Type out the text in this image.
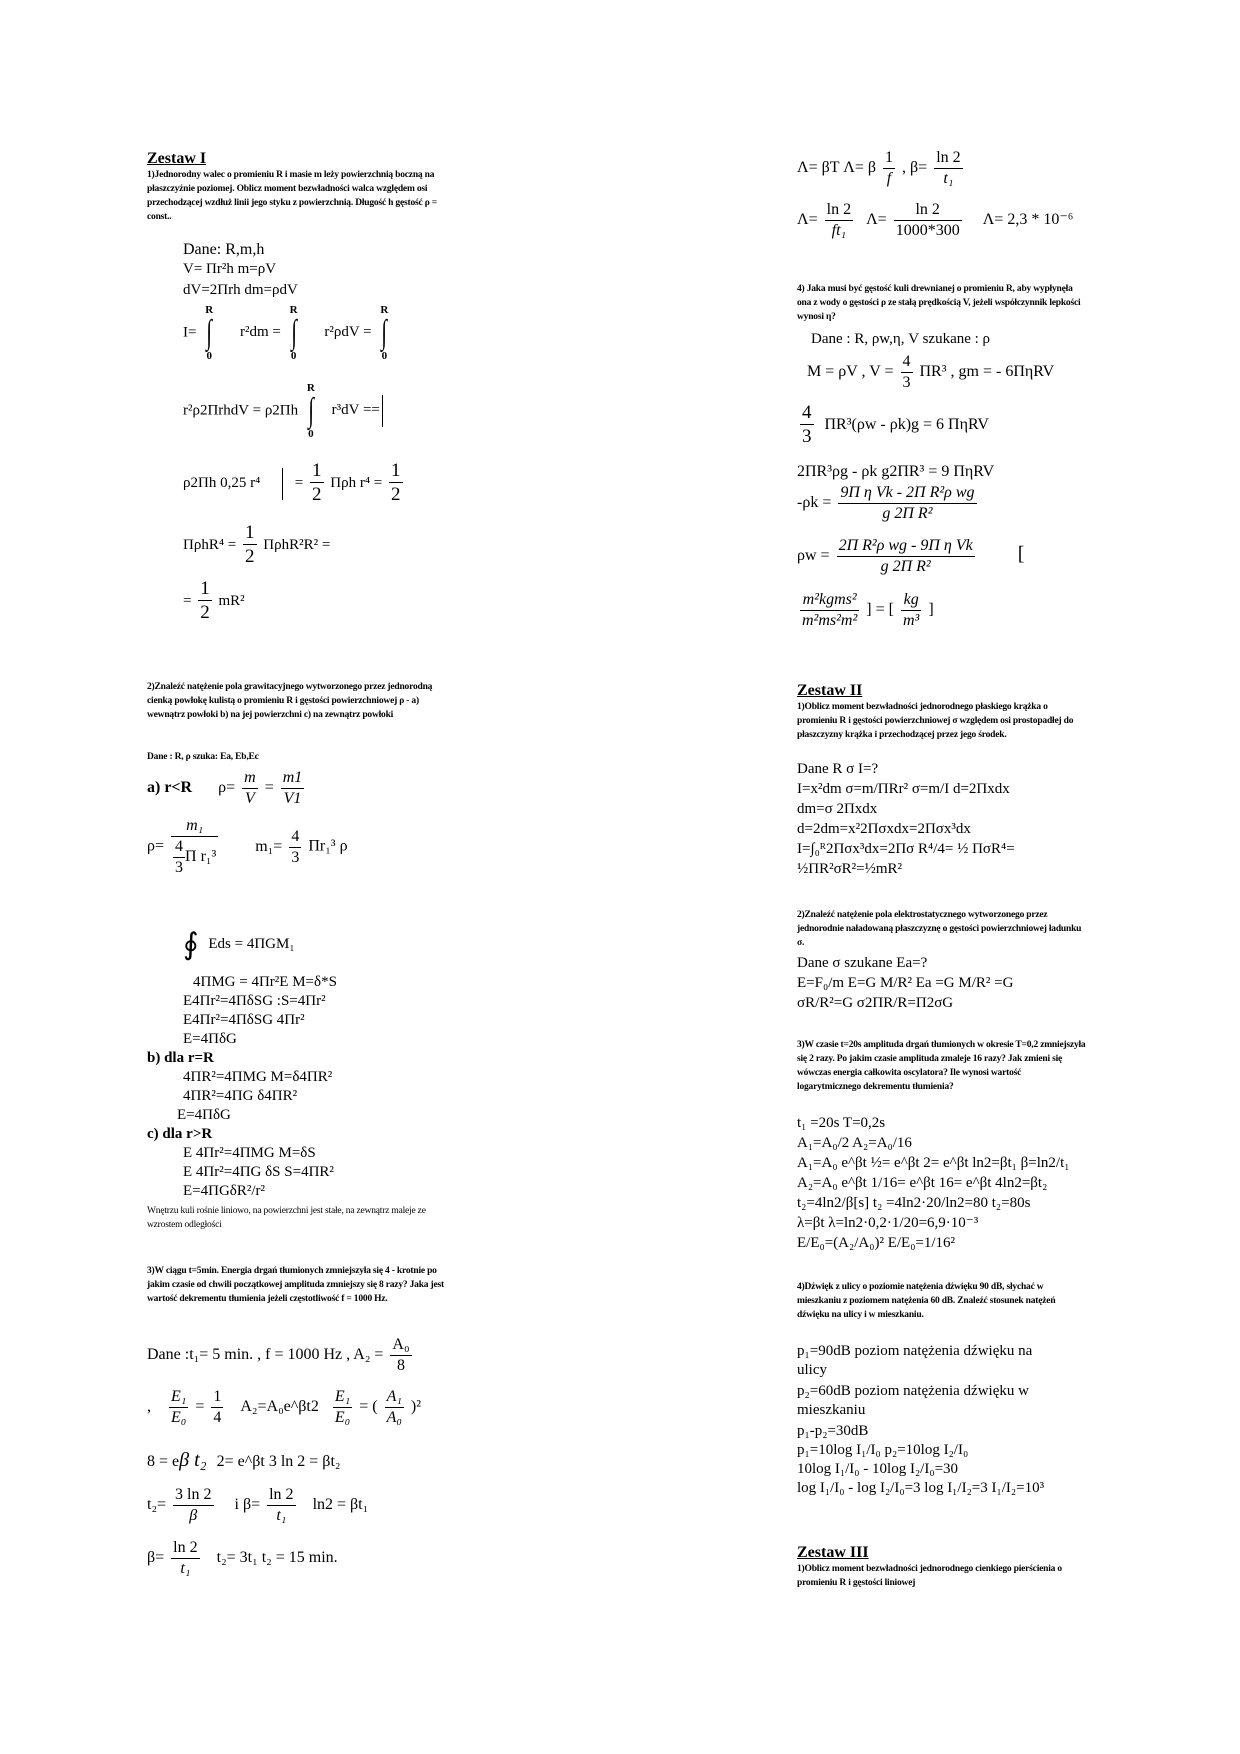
Zestaw I
1)Jednorodny walec o promieniu R i masie m leży powierzchnią boczną na płaszczyźnie poziomej. Oblicz moment bezwładności walca względem osi przechodzącej wzdłuż linii jego styku z powierzchnią. Długość h gęstość ρ = const..
Dane: R,m,h
V= Πr²h m=ρV
dV=2Πrh dm=ρdV
I=
R
∫
0
r²dm =
R
∫
0
r²ρdV =
R
∫
0
r²ρ2ΠrhdV = ρ2Πh
R
∫
0
r³dV ==
ρ2Πh 0,25 $r^4 = \frac{1}{2}$ Πρh $r^4 = \frac{1}{2}$
$\Pi\rho hR^4 = \frac{1}{2} \Pi\rho hR^2R^2$ =
= $\frac{1}{2} mR^2$
2)Znaleźć natężenie pola grawitacyjnego wytworzonego przez jednorodną cienką powłokę kulistą o promieniu R i gęstości powierzchniowej ρ - a) wewnątrz powłoki b) na jej powierzchni c) na zewnątrz powłoki
Dane : R, ρ szuka: Ea, Eb,Ec
a) r<R $\rho= \frac{m}{V} = \frac{m1}{V1}$
$\rho= \frac{\text{m₁}}{\frac{4}{3} \Pi r_1^3} m_1= \frac{4}{3} \Pi r_1^3$ ρ
∮ Eds = 4ΠGM₁
4ΠMG = 4Πr²E M=δ*S
E4Πr²=4ΠδSG :S=4Πr²
E4Πr²=4ΠδSG 4Πr²
E=4ΠδG
b) dla r=R
4ΠR²=4ΠMG M=δ4ΠR²
4ΠR²=4ΠG δ4ΠR²
E=4ΠδG
c) dla r>R
E 4Πr²=4ΠMG M=δS
E 4Πr²=4ΠG δS S=4ΠR²
E=4ΠGδR²/r²
Wnętrzu kuli rośnie liniowo, na powierzchni jest stałe, na zewnątrz maleje ze wzrostem odległości
3)W ciągu t=5min. Energia drgań tłumionych zmniejszyła się 4 - krotnie po jakim czasie od chwili początkowej amplituda zmniejszy się 8 razy? Jaka jest wartość dekrementu tłumienia jeżeli częstotliwość f = 1000 Hz.
Dane :t₁= 5 min. , f = 1000 Hz , $A_2 = \frac{\text{A₀}}{8}$
, $\frac{\text{E₁}}{\text{E₀}} = \frac{1}{4}$ A₂=A₀e^βt2 $\frac{\text{E₁}}{\text{E₀}}$ = ( $\frac{\text{A₁}}{\text{A₀}} )^2$
8 = eβ t₂ 2= e^βt 3 ln 2 = βt₂
$t_2= \frac{3 \ln 2}{\beta}$ i $\beta= \frac{\ln 2}{\text{t₁}} \ln 2 = \beta t_1$
$\beta= \frac{\ln 2}{\text{t₁}} t_2= 3t_1$ t₂ = 15 min.
Λ= βT Λ= β $\frac{1}{f}$ , $\beta= \frac{\ln 2}{\text{t₁}}$
$\Lambda= \frac{\ln 2}{\text{ft₁}} \Lambda= \frac{\ln 2}{1000*300} \Lambda= 2,3 * 10^{-6}$
4) Jaka musi być gęstość kuli drewnianej o promieniu R, aby wypłynęła ona z wody o gęstości ρ ze stałą prędkością V, jeżeli współczynnik lepkości wynosi η?
Dane : R, ρw,η, V szukane : ρ
M = ρV , $V = \frac{4}{3} \Pi R^3$ , gm = - 6ΠηRV
$\frac{4}{3} \Pi R^3(\rho w - \rho k)g = 6$ ΠηRV
2ΠR³ρg - ρk g2ΠR³ = 9 ΠηRV
$-\rho k = \frac{\text{9Π η Vk - 2Π R²ρ wg}}{\text{g 2Π R²}}$
$\rho w = \frac{\text{2Π R²ρ wg - 9Π η Vk}}{\text{g 2Π R²}}$ [
$\frac{\text{m²kgms²}}{\text{m²ms²m²}}$ ] = [ $\frac{kg}{\text{m³}}$ ]
Zestaw II
1)Oblicz moment bezwładności jednorodnego płaskiego krążka o promieniu R i gęstości powierzchniowej σ względem osi prostopadłej do płaszczyzny krążka i przechodzącej przez jego środek.
Dane R σ I=?
I=x²dm σ=m/ΠRr² σ=m/I d=2Πxdx
dm=σ 2Πxdx
d=2dm=x²2Πσxdx=2Πσx³dx
I=∫₀ᴿ2Πσx³dx=2Πσ R⁴/4= ½ ΠσR⁴=
½ΠR²σR²=½mR²
2)Znaleźć natężenie pola elektrostatycznego wytworzonego przez jednorodnie naładowaną płaszczyznę o gęstości powierzchniowej ładunku σ.
Dane σ szukane Ea=?
E=F₀/m E=G M/R² Ea =G M/R² =G
σR/R²=G σ2ΠR/R=Π2σG
3)W czasie t=20s amplituda drgań tłumionych w okresie T=0,2 zmniejszyła się 2 razy. Po jakim czasie amplituda zmaleje 16 razy? Jak zmieni się wówczas energia całkowita oscylatora? Ile wynosi wartość logarytmicznego dekrementu tłumienia?
t₁ =20s T=0,2s
A₁=A₀/2 A₂=A₀/16
A₁=A₀ e^βt ½= e^βt 2= e^βt ln2=βt₁ β=ln2/t₁
A₂=A₀ e^βt 1/16= e^βt 16= e^βt 4ln2=βt₂
t₂=4ln2/β[s] t₂ =4ln2·20/ln2=80 t₂=80s
λ=βt λ=ln2·0,2·1/20=6,9·10⁻³
E/E₀=(A₂/A₀)² E/E₀=1/16²
4)Dźwięk z ulicy o poziomie natężenia dźwięku 90 dB, słychać w mieszkaniu z poziomem natężenia 60 dB. Znaleźć stosunek natężeń dźwięku na ulicy i w mieszkaniu.
p₁=90dB poziom natężenia dźwięku na ulicy
p₂=60dB poziom natężenia dźwięku w mieszkaniu
p₁-p₂=30dB
p₁=10log I₁/I₀ p₂=10log I₂/I₀
10log I₁/I₀ - 10log I₂/I₀=30
log I₁/I₀ - log I₂/I₀=3 log I₁/I₂=3 I₁/I₂=10³
Zestaw III
1)Oblicz moment bezwładności jednorodnego cienkiego pierścienia o promieniu R i gęstości liniowej
